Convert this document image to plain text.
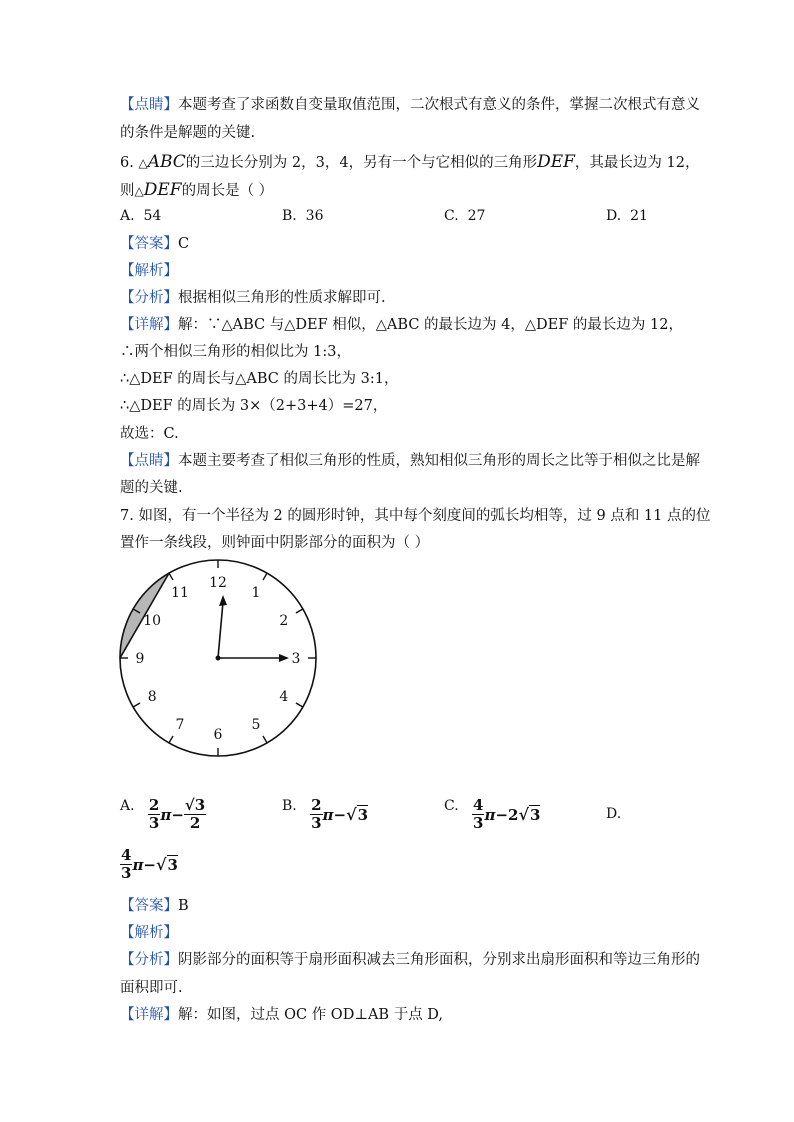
【点睛】本题考查了求函数自变量取值范围，二次根式有意义的条件，掌握二次根式有意义
的条件是解题的关键.
6. △ABC的三边长分别为 2，3，4，另有一个与它相似的三角形DEF，其最长边为 12，
则△DEF的周长是（ ）
A. 54	B. 36	C. 27	D. 21
【答案】C
【解析】
【分析】根据相似三角形的性质求解即可.
【详解】解：∵△ABC 与△DEF 相似，△ABC 的最长边为 4，△DEF 的最长边为 12，
∴两个相似三角形的相似比为 1:3，
∴△DEF 的周长与△ABC 的周长比为 3:1，
∴△DEF 的周长为 3×（2+3+4）=27，
故选：C.
【点睛】本题主要考查了相似三角形的性质，熟知相似三角形的周长之比等于相似之比是解
题的关键.
7. 如图，有一个半径为 2 的圆形时钟，其中每个刻度间的弧长均相等，过 9 点和 11 点的位
置作一条线段，则钟面中阴影部分的面积为（ ）
12
1
2
3
4
5
6
7
8
9
10
11
A. $\frac{2}{3}$ $\pi - \frac{√3}{2}$	B. $\frac{2}{3}$ π − √ 3	C. $\frac{4}{3}$ π − 2 √ 3	D.
$\frac{4}{3}$ π − √ 3
【答案】B
【解析】
【分析】阴影部分的面积等于扇形面积减去三角形面积，分别求出扇形面积和等边三角形的
面积即可.
【详解】解：如图，过点 OC 作 OD⊥AB 于点 D,
